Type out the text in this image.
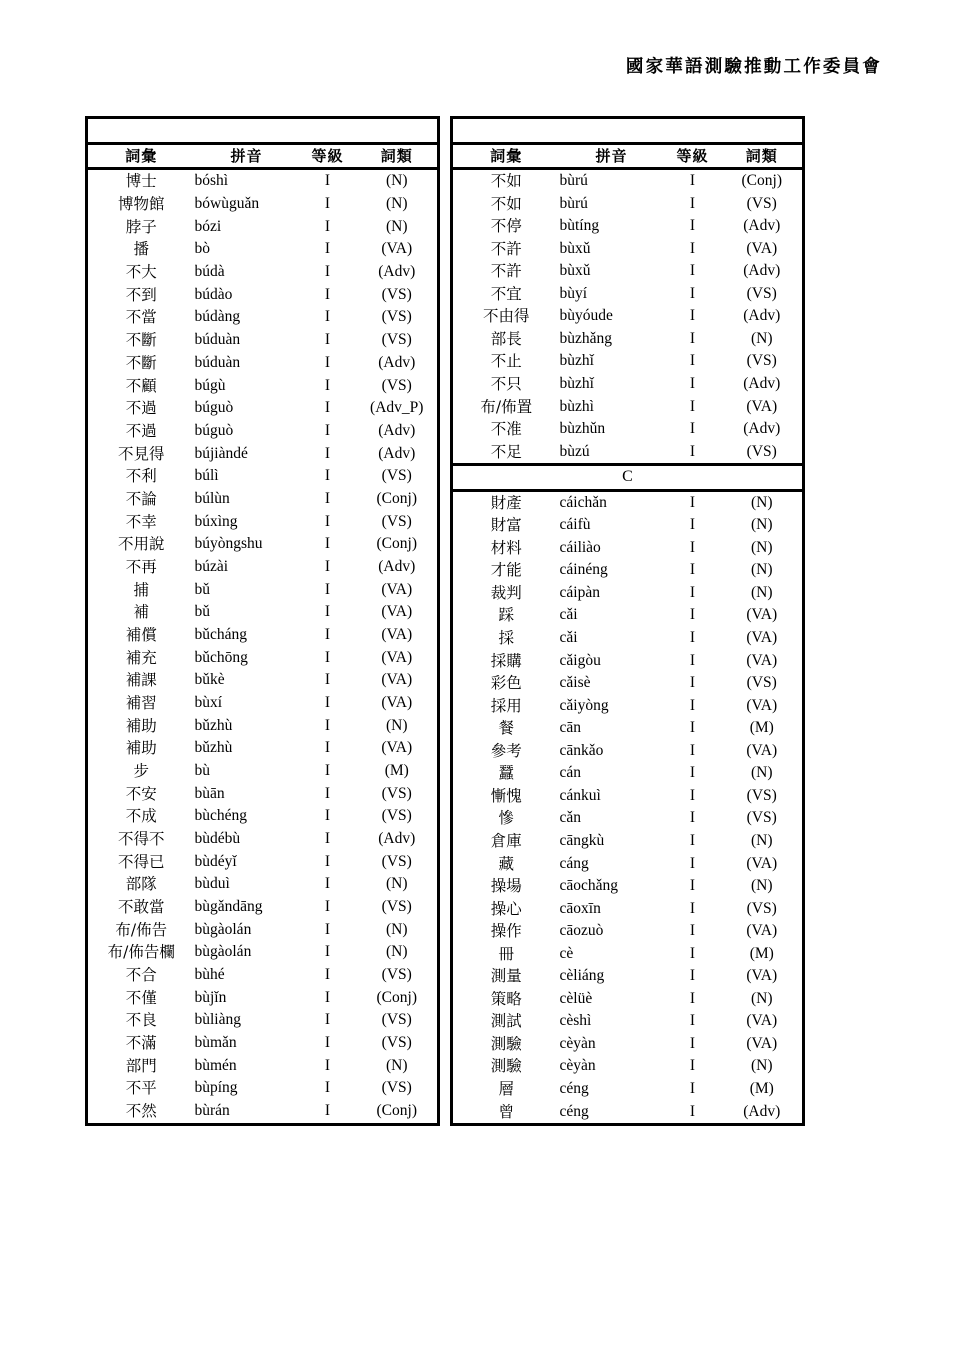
國家華語測驗推動工作委員會

詞彙	拼音	等級	詞類
博士	bóshì	I	(N)
博物館	bówùguǎn	I	(N)
脖子	bózi	I	(N)
播	bò	I	(VA)
不大	búdà	I	(Adv)
不到	búdào	I	(VS)
不當	búdàng	I	(VS)
不斷	búduàn	I	(VS)
不斷	búduàn	I	(Adv)
不顧	búgù	I	(VS)
不過	búguò	I	(Adv_P)
不過	búguò	I	(Adv)
不見得	bújiàndé	I	(Adv)
不利	búlì	I	(VS)
不論	búlùn	I	(Conj)
不幸	búxìng	I	(VS)
不用說	búyòngshu	I	(Conj)
不再	búzài	I	(Adv)
捕	bǔ	I	(VA)
補	bǔ	I	(VA)
補償	bǔcháng	I	(VA)
補充	bǔchōng	I	(VA)
補課	bǔkè	I	(VA)
補習	bùxí	I	(VA)
補助	bǔzhù	I	(N)
補助	bǔzhù	I	(VA)
步	bù	I	(M)
不安	bùān	I	(VS)
不成	bùchéng	I	(VS)
不得不	bùdébù	I	(Adv)
不得已	bùdéyǐ	I	(VS)
部隊	bùduì	I	(N)
不敢當	bùgǎndāng	I	(VS)
布/佈告	bùgàolán	I	(N)
布/佈告欄	bùgàolán	I	(N)
不合	bùhé	I	(VS)
不僅	bùjǐn	I	(Conj)
不良	bùliàng	I	(VS)
不滿	bùmǎn	I	(VS)
部門	bùmén	I	(N)
不平	bùpíng	I	(VS)
不然	bùrán	I	(Conj)

詞彙	拼音	等級	詞類
不如	bùrú	I	(Conj)
不如	bùrú	I	(VS)
不停	bùtíng	I	(Adv)
不許	bùxǔ	I	(VA)
不許	bùxǔ	I	(Adv)
不宜	bùyí	I	(VS)
不由得	bùyóude	I	(Adv)
部長	bùzhǎng	I	(N)
不止	bùzhǐ	I	(VS)
不只	bùzhǐ	I	(Adv)
布/佈置	bùzhì	I	(VA)
不准	bùzhǔn	I	(Adv)
不足	bùzú	I	(VS)
C			
財產	cáichǎn	I	(N)
財富	cáifù	I	(N)
材料	cáiliào	I	(N)
才能	cáinéng	I	(N)
裁判	cáipàn	I	(N)
踩	cǎi	I	(VA)
採	cǎi	I	(VA)
採購	cǎigòu	I	(VA)
彩色	cǎisè	I	(VS)
採用	cǎiyòng	I	(VA)
餐	cān	I	(M)
參考	cānkǎo	I	(VA)
蠶	cán	I	(N)
慚愧	cánkuì	I	(VS)
慘	cǎn	I	(VS)
倉庫	cāngkù	I	(N)
藏	cáng	I	(VA)
操場	cāochǎng	I	(N)
操心	cāoxīn	I	(VS)
操作	cāozuò	I	(VA)
冊	cè	I	(M)
測量	cèliáng	I	(VA)
策略	cèlüè	I	(N)
測試	cèshì	I	(VA)
測驗	cèyàn	I	(VA)
測驗	cèyàn	I	(N)
層	céng	I	(M)
曾	céng	I	(Adv)
